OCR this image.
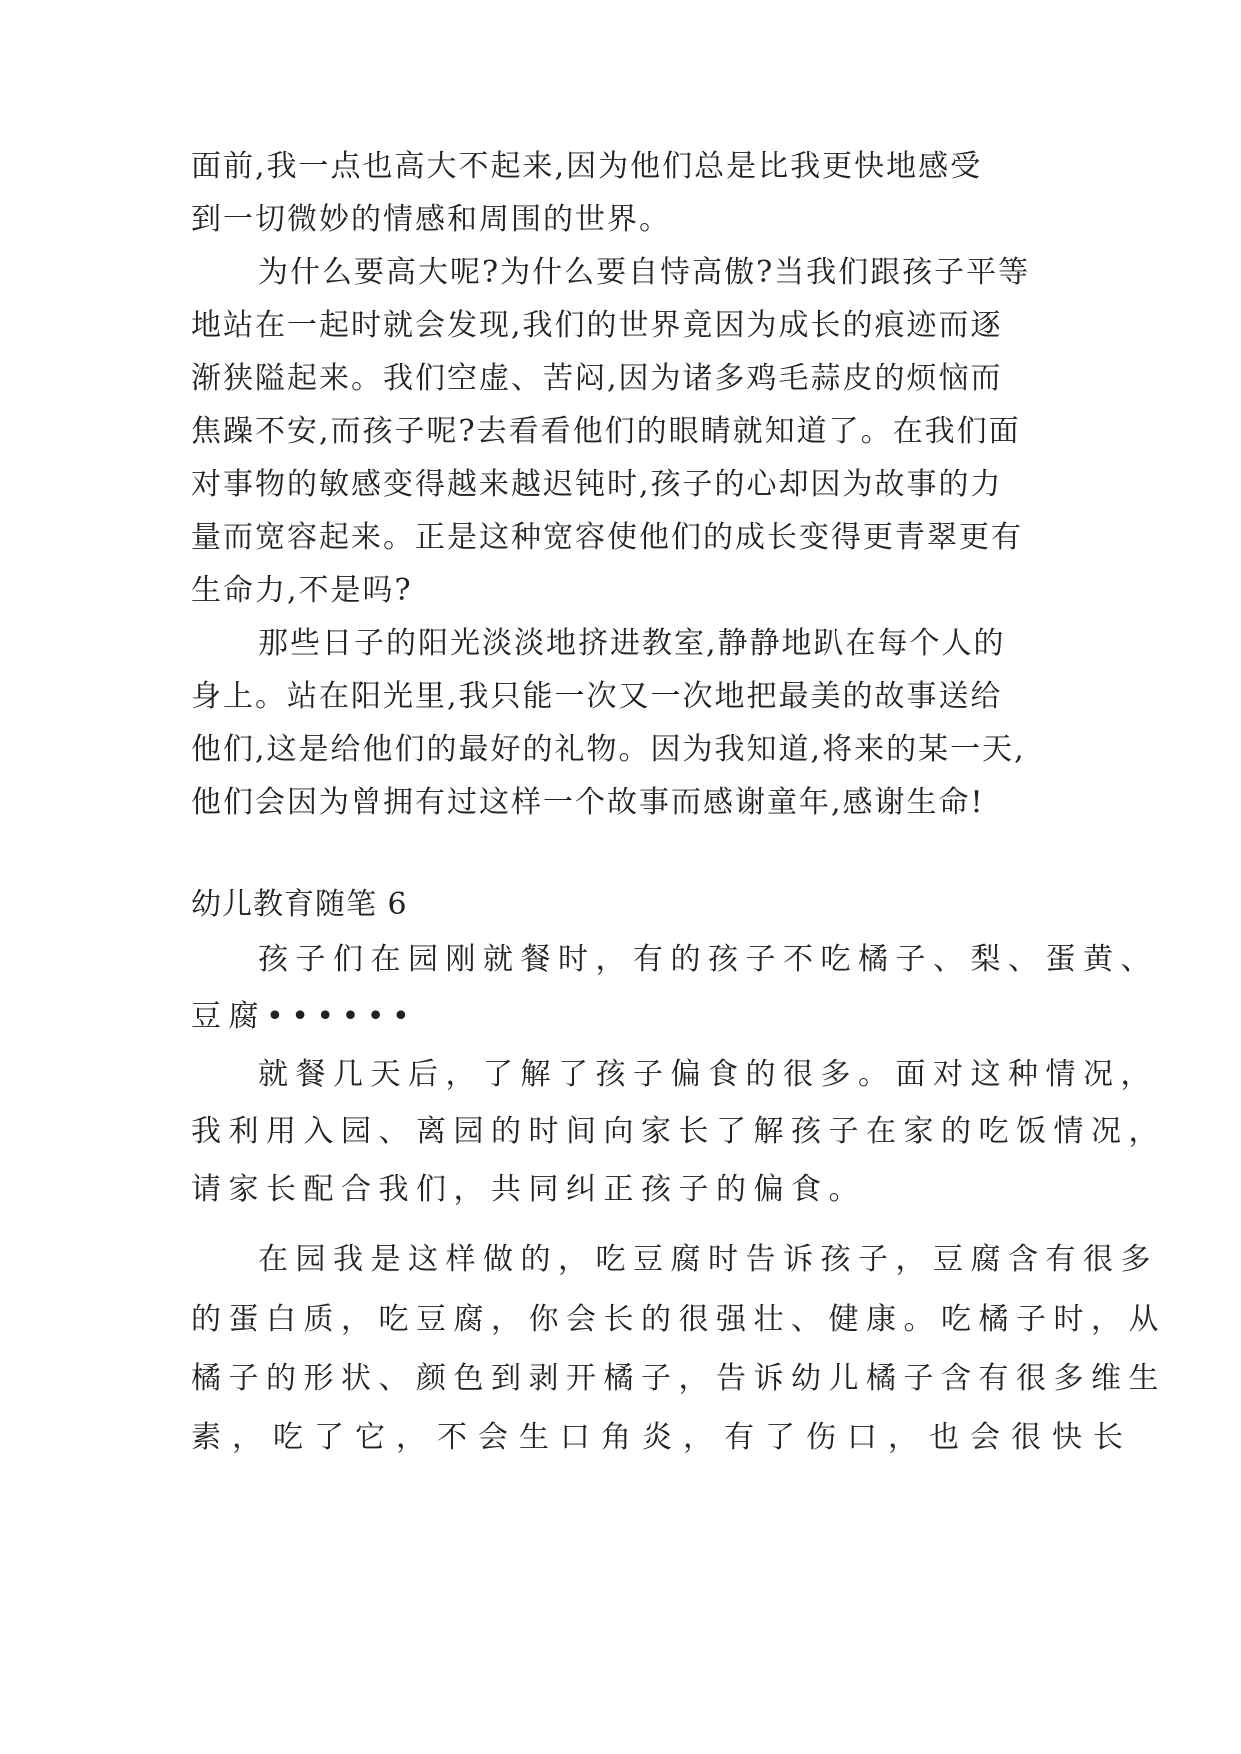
面前,我一点也高大不起来,因为他们总是比我更快地感受
到一切微妙的情感和周围的世界。
为什么要高大呢?为什么要自恃高傲?当我们跟孩子平等
地站在一起时就会发现,我们的世界竟因为成长的痕迹而逐
渐狭隘起来。我们空虚、苦闷,因为诸多鸡毛蒜皮的烦恼而
焦躁不安,而孩子呢?去看看他们的眼睛就知道了。在我们面
对事物的敏感变得越来越迟钝时,孩子的心却因为故事的力
量而宽容起来。正是这种宽容使他们的成长变得更青翠更有
生命力,不是吗?
那些日子的阳光淡淡地挤进教室,静静地趴在每个人的
身上。站在阳光里,我只能一次又一次地把最美的故事送给
他们,这是给他们的最好的礼物。因为我知道,将来的某一天,
他们会因为曾拥有过这样一个故事而感谢童年,感谢生命!
幼儿教育随笔 6
孩子们在园刚就餐时，有的孩子不吃橘子、梨、蛋黄、
豆腐••••••
就餐几天后，了解了孩子偏食的很多。面对这种情况，
我利用入园、离园的时间向家长了解孩子在家的吃饭情况，
请家长配合我们，共同纠正孩子的偏食。
在园我是这样做的，吃豆腐时告诉孩子，豆腐含有很多
的蛋白质，吃豆腐，你会长的很强壮、健康。吃橘子时，从
橘子的形状、颜色到剥开橘子，告诉幼儿橘子含有很多维生
素，吃了它，不会生口角炎，有了伤口，也会很快长
